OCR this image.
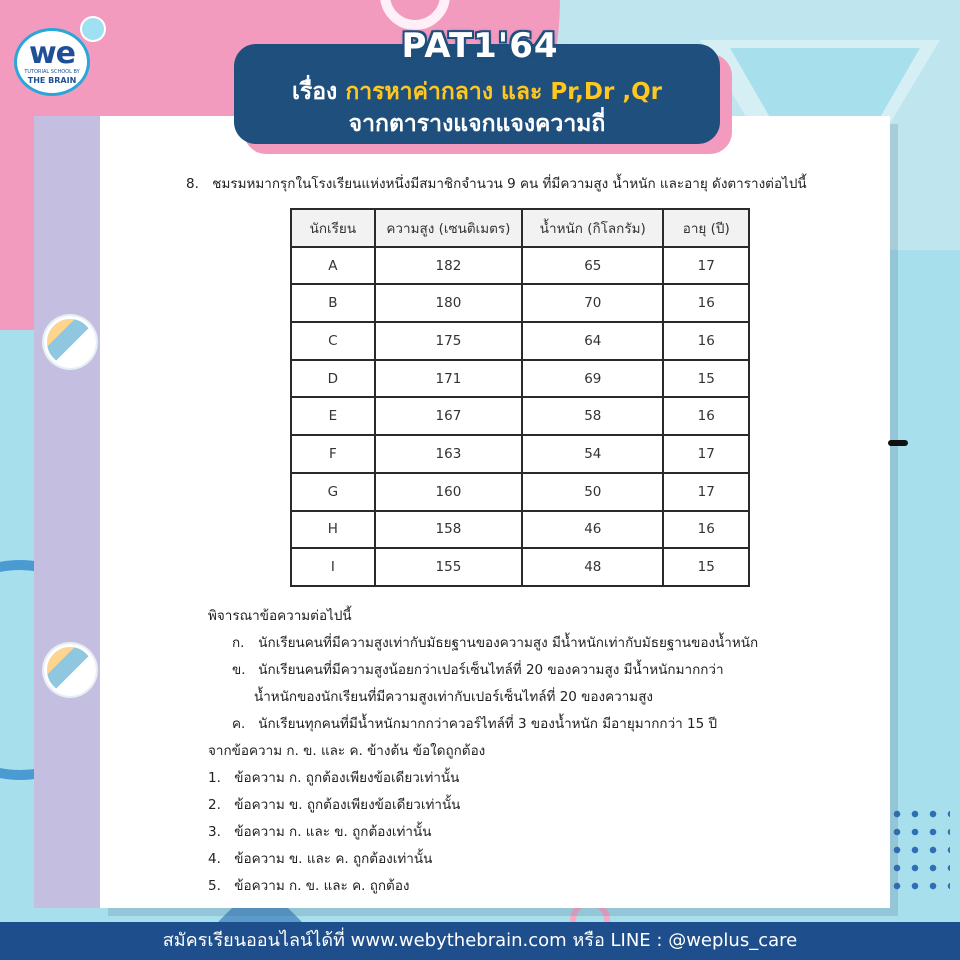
we
TUTORIAL SCHOOL BY
THE BRAIN	เรื่อง การหาค่ากลาง และ Pr,Dr ,Qr
จากตารางแจกแจงความถี่
PAT1'64
8. ชมรมหมากรุกในโรงเรียนแห่งหนึ่งมีสมาชิกจำนวน 9 คน ที่มีความสูง น้ำหนัก และอายุ ดังตารางต่อไปนี้
นักเรียน	ความสูง (เซนติเมตร)	น้ำหนัก (กิโลกรัม)	อายุ (ปี)
A	182	65	17
B	180	70	16
C	175	64	16
D	171	69	15
E	167	58	16
F	163	54	17
G	160	50	17
H	158	46	16
I	155	48	15
พิจารณาข้อความต่อไปนี้
ก. นักเรียนคนที่มีความสูงเท่ากับมัธยฐานของความสูง มีน้ำหนักเท่ากับมัธยฐานของน้ำหนัก
ข. นักเรียนคนที่มีความสูงน้อยกว่าเปอร์เซ็นไทล์ที่ 20 ของความสูง มีน้ำหนักมากกว่า
น้ำหนักของนักเรียนที่มีความสูงเท่ากับเปอร์เซ็นไทล์ที่ 20 ของความสูง
ค. นักเรียนทุกคนที่มีน้ำหนักมากกว่าควอร์ไทล์ที่ 3 ของน้ำหนัก มีอายุมากกว่า 15 ปี
จากข้อความ ก. ข. และ ค. ข้างต้น ข้อใดถูกต้อง
1. ข้อความ ก. ถูกต้องเพียงข้อเดียวเท่านั้น
2. ข้อความ ข. ถูกต้องเพียงข้อเดียวเท่านั้น
3. ข้อความ ก. และ ข. ถูกต้องเท่านั้น
4. ข้อความ ข. และ ค. ถูกต้องเท่านั้น
5. ข้อความ ก. ข. และ ค. ถูกต้อง
สมัครเรียนออนไลน์ได้ที่ www.webythebrain.com หรือ LINE : @weplus_care
